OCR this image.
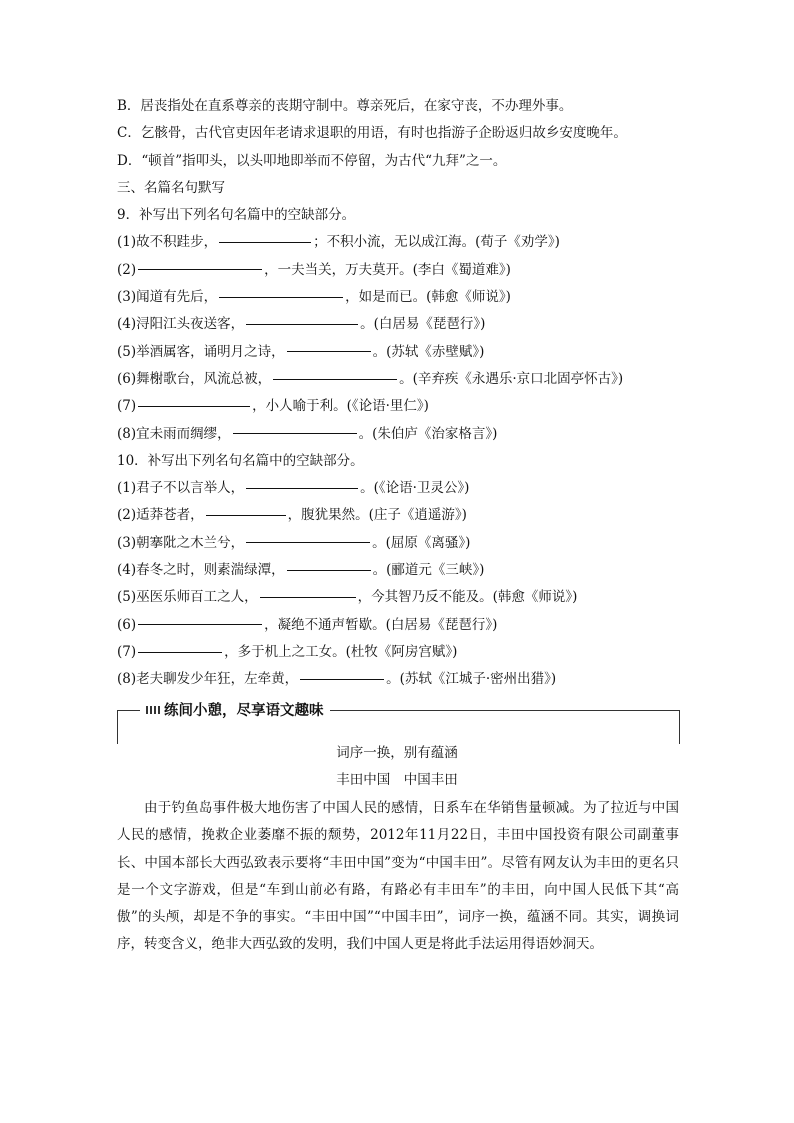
B．居丧指处在直系尊亲的丧期守制中。尊亲死后，在家守丧，不办理外事。
C．乞骸骨，古代官吏因年老请求退职的用语，有时也指游子企盼返归故乡安度晚年。
D．“顿首”指叩头，以头叩地即举而不停留，为古代“九拜”之一。
三、名篇名句默写
9．补写出下列名句名篇中的空缺部分。
(1)故不积跬步，	；不积小流，无以成江海。(荀子《劝学》)
(2)	，一夫当关，万夫莫开。(李白《蜀道难》)
(3)闻道有先后，	，如是而已。(韩愈《师说》)
(4)浔阳江头夜送客，	。(白居易《琵琶行》)
(5)举酒属客，诵明月之诗，	。(苏轼《赤壁赋》)
(6)舞榭歌台，风流总被，	。(辛弃疾《永遇乐·京口北固亭怀古》)
(7)	，小人喻于利。(《论语·里仁》)
(8)宜未雨而绸缪，	。(朱伯庐《治家格言》)
10．补写出下列名句名篇中的空缺部分。
(1)君子不以言举人，	。(《论语·卫灵公》)
(2)适莽苍者，	，腹犹果然。(庄子《逍遥游》)
(3)朝搴阰之木兰兮，	。(屈原《离骚》)
(4)春冬之时，则素湍绿潭，	。(郦道元《三峡》)
(5)巫医乐师百工之人，	，今其智乃反不能及。(韩愈《师说》)
(6)	，凝绝不通声暂歇。(白居易《琵琶行》)
(7)	，多于机上之工女。(杜牧《阿房宫赋》)
(8)老夫聊发少年狂，左牵黄，	。(苏轼《江城子·密州出猎》)
练间小憩，尽享语文趣味
词序一换，别有蕴涵
丰田中国　中国丰田
由于钓鱼岛事件极大地伤害了中国人民的感情，日系车在华销售量顿减。为了拉近与中国人民的感情，挽救企业萎靡不振的颓势，2012年11月22日，丰田中国投资有限公司副董事长、中国本部长大西弘致表示要将“丰田中国”变为“中国丰田”。尽管有网友认为丰田的更名只是一个文字游戏，但是“车到山前必有路，有路必有丰田车”的丰田，向中国人民低下其“高傲”的头颅，却是不争的事实。“丰田中国”“中国丰田”，词序一换，蕴涵不同。其实，调换词序，转变含义，绝非大西弘致的发明，我们中国人更是将此手法运用得语妙洞天。
